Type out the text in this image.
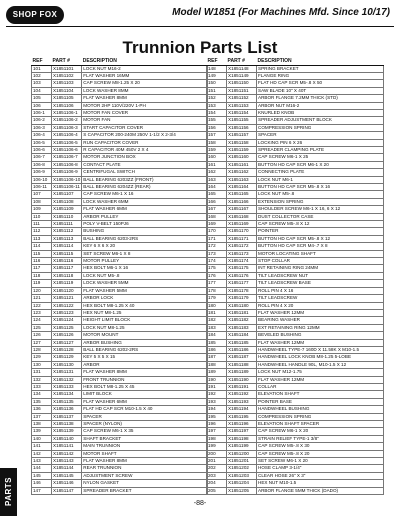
SHOP FOX	Model W1851 (For Machines Mfd. Since 10/17)
Trunnion Parts List
REF	PART #	DESCRIPTION
101	X1851101	LOCK NUT M16-2
102	X1851102	FLAT WASHER 16MM
103	X1851103	CAP SCREW M8-1.25 X 20
104	X1851104	LOCK WASHER 8MM
105	X1851105	FLAT WASHER 8MM
106	X1851106	MOTOR 2HP 110V/220V 1-PH
106-1	X1851106-1	MOTOR FAN COVER
106-2	X1851106-2	MOTOR FAN
106-3	X1851106-3	START CAPACITOR COVER
106-4	X1851106-4	S CAPACITOR 200-240M 250V 1-1/2 X 2-3/4
106-5	X1851106-5	RUN CAPACITOR COVER
106-6	X1851106-6	R CAPACITOR 40M 450V 2 X 4
106-7	X1851106-7	MOTOR JUNCTION BOX
106-8	X1851106-8	CONTACT PLATE
106-9	X1851106-9	CENTRIFUGAL SWITCH
106-10	X1851106-10	BALL BEARING 6203ZZ (FRONT)
106-11	X1851106-11	BALL BEARING 6204ZZ (REAR)
107	X1851107	CAP SCREW M6-1 X 16
108	X1851108	LOCK WASHER 6MM
109	X1851109	FLAT WASHER 6MM
110	X1851110	ARBOR PULLEY
111	X1851111	POLY V-BELT 150PJ6
112	X1851112	BUSHING
113	X1851113	BALL BEARING 6203-2RS
114	X1851114	KEY 6 X 6 X 20
115	X1851115	SET SCREW M6-1 X 8
116	X1851116	MOTOR PULLEY
117	X1851117	HEX BOLT M6-1 X 16
118	X1851118	LOCK NUT M5-.8
119	X1851119	LOCK WASHER 5MM
120	X1851120	FLAT WASHER 5MM
121	X1851121	ARBOR LOCK
122	X1851122	HEX BOLT M8-1.25 X 40
123	X1851123	HEX NUT M8-1.25
124	X1851124	HEIGHT LIMIT BLOCK
125	X1851125	LOCK NUT M8-1.25
126	X1851126	MOTOR MOUNT
127	X1851127	ARBOR BUSHING
128	X1851128	BALL BEARING 6202-2RS
129	X1851129	KEY 5 X 5 X 15
130	X1851130	ARBOR
131	X1851131	FLAT WASHER 8MM
132	X1851132	FRONT TRUNNION
133	X1851133	HEX BOLT M8-1.25 X 45
134	X1851134	LIMIT BLOCK
135	X1851135	FLAT WASHER 6MM
136	X1851136	FLAT HD CAP SCR M10-1.5 X 40
137	X1851137	SPACER
138	X1851138	SPACER (NYLON)
139	X1851139	CAP SCREW M6-1 X 35
140	X1851140	SHAFT BRACKET
141	X1851141	MAIN TRUNNION
142	X1851142	MOTOR SHAFT
143	X1851143	FLAT WASHER 8MM
144	X1851144	REAR TRUNNION
145	X1851145	ADJUSTMENT SCREW
146	X1851146	NYLON GASKET
147	X1851147	SPREADER BRACKET
REF	PART #	DESCRIPTION
148	X1851148	SPRING BRACKET
149	X1851149	FLANGE RING
150	X1851150	FLAT HD CAP SCR M5-.8 X 50
151	X1851151	SAW BLADE 10" X 40T
152	X1851152	ARBOR FLANGE 7.2MM THICK (STD)
153	X1851153	ARBOR NUT M16-2
154	X1851154	KNURLED KNOB
155	X1851155	SPREADER ADJUSTMENT BLOCK
156	X1851156	COMPRESSION SPRING
157	X1851157	SPACER
158	X1851158	LOCKING PIN 6 X 26
159	X1851159	SPREADER CLAMPING PLATE
160	X1851160	CAP SCREW M6-1 X 25
161	X1851161	BUTTON HD CAP SCR M6-1 X 20
162	X1851162	CONNECTING PLATE
163	X1851163	LOCK NUT M6-1
164	X1851164	BUTTON HD CAP SCR M5-.8 X 16
165	X1851165	LOCK NUT M5-.8
166	X1851166	EXTENSION SPRING
167	X1851167	SHOULDER SCREW M6-1 X 16, 6 X 12
168	X1851168	DUST COLLECTOR CASE
169	X1851169	CAP SCREW M5-.8 X 12
170	X1851170	POINTER
171	X1851171	BUTTON HD CAP SCR M5-.8 X 12
172	X1851172	BUTTON HD CAP SCR M4-.7 X 8
173	X1851173	MOTOR LOCATING SHAFT
174	X1851174	STOP COLLAR
175	X1851175	INT RETAINING RING 24MM
176	X1851176	TILT LEADSCREW NUT
177	X1851177	TILT LEADSCREW BASE
178	X1851178	ROLL PIN 4 X 16
179	X1851179	TILT LEADSCREW
180	X1851180	ROLL PIN 4 X 20
181	X1851181	FLAT WASHER 12MM
182	X1851182	BEARING WASHER
183	X1851183	EXT RETAINING RING 12MM
184	X1851184	BEVELED BUSHING
185	X1851185	FLAT WASHER 12MM
186	X1851186	HANDWHEEL TYPE-7 160D X 11.58K X M10-1.5
187	X1851187	HANDWHEEL LOCK KNOB M8-1.25 5-LOBE
188	X1851188	HANDWHEEL HANDLE 90L, M10-1.5 X 12
189	X1851189	LOCK NUT M12-1.75
190	X1851190	FLAT WASHER 12MM
191	X1851191	COLLAR
192	X1851192	ELEVATION SHAFT
193	X1851193	POINTER BASE
194	X1851194	HANDWHEEL BUSHING
195	X1851195	COMPRESSION SPRING
196	X1851196	ELEVATION SHAFT SPACER
197	X1851197	CAP SCREW M6-1 X 20
198	X1851198	STRAIN RELIEF TYPE-1 3/8"
199	X1851199	CAP SCREW M5-.8 X 30
200	X1851200	CAP SCREW M5-.8 X 20
201	X1851201	SET SCREW M6-1 X 20
202	X1851202	HOSE CLAMP 3-1/4"
203	X1851203	CLEAR HOSE 26" X 3"
204	X1851204	HEX NUT M10-1.5
205	X1851205	ARBOR FLANGE 5MM THICK (DADO)
PARTS	-88-
